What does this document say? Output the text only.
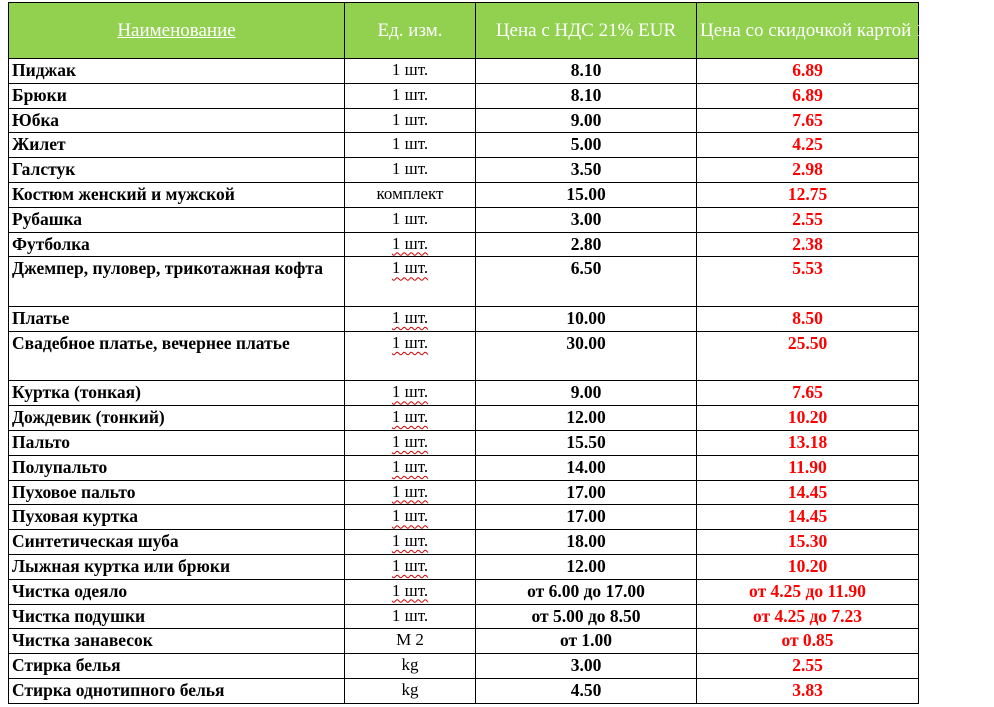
Наименование	Ед. изм.	Цена с НДС 21% EUR	Цена со скидочкой картой 15% EUR
Пиджак	1 шт.	8.10	6.89
Брюки	1 шт.	8.10	6.89
Юбка	1 шт.	9.00	7.65
Жилет	1 шт.	5.00	4.25
Галстук	1 шт.	3.50	2.98
Костюм женский и мужской	комплект	15.00	12.75
Рубашка	1 шт.	3.00	2.55
Футболка	1 шт.	2.80	2.38
Джемпер, пуловер, трикотажная кофта	1 шт.	6.50	5.53
Платье	1 шт.	10.00	8.50
Свадебное платье, вечернее платье	1 шт.	30.00	25.50
Куртка (тонкая)	1 шт.	9.00	7.65
Дождевик (тонкий)	1 шт.	12.00	10.20
Пальто	1 шт.	15.50	13.18
Полупальто	1 шт.	14.00	11.90
Пуховое пальто	1 шт.	17.00	14.45
Пуховая куртка	1 шт.	17.00	14.45
Синтетическая шуба	1 шт.	18.00	15.30
Лыжная куртка или брюки	1 шт.	12.00	10.20
Чистка одеяло	1 шт.	от 6.00 до 17.00	от 4.25 до 11.90
Чистка подушки	1 шт.	от 5.00 до 8.50	от 4.25 до 7.23
Чистка занавесок	M 2	от 1.00	от 0.85
Стирка белья	kg	3.00	2.55
Стирка однотипного белья	kg	4.50	3.83
